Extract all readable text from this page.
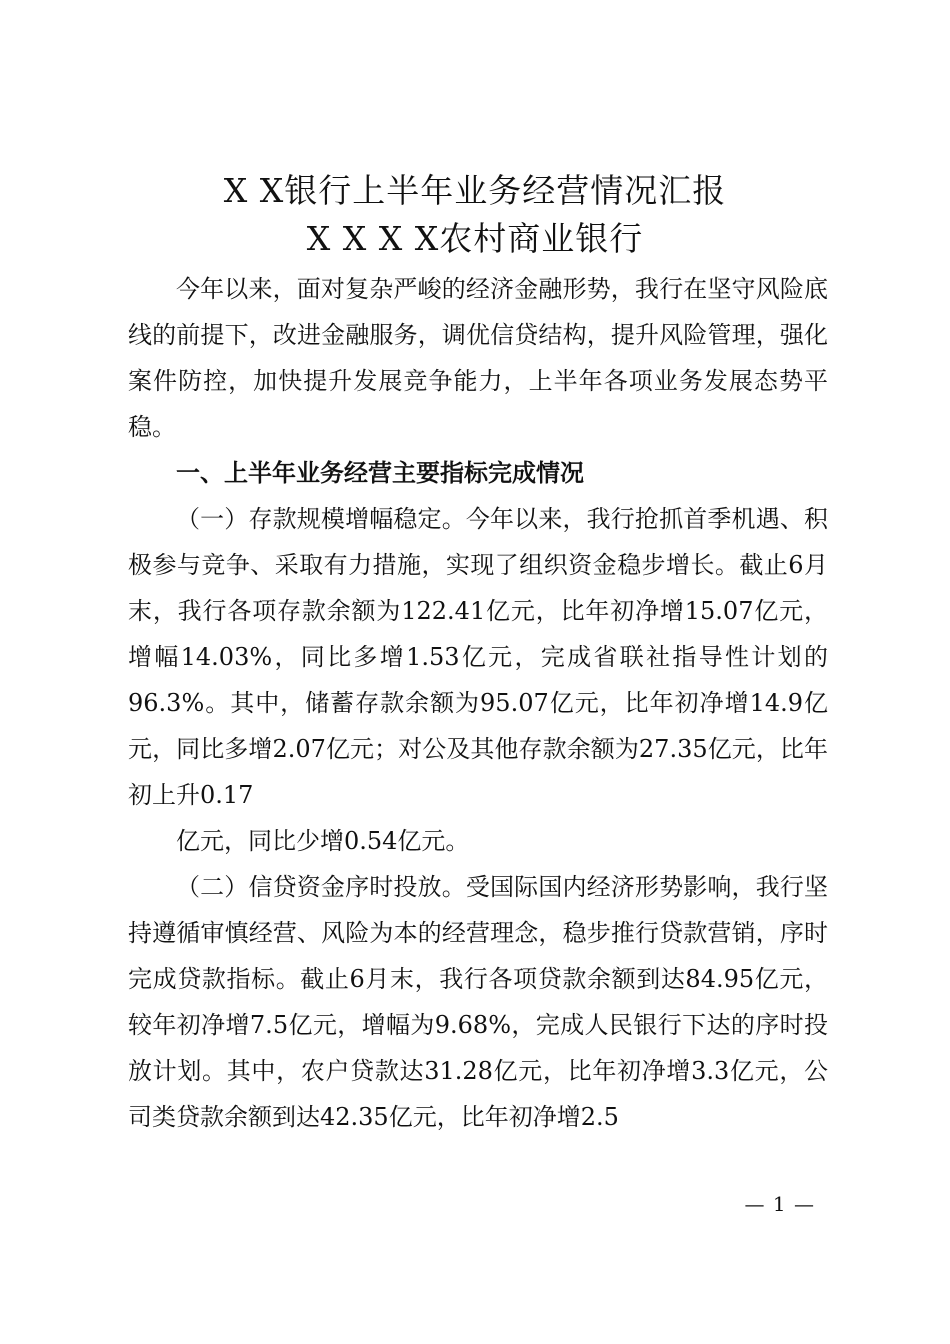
X X银行上半年业务经营情况汇报
X X X X农村商业银行

今年以来，面对复杂严峻的经济金融形势，我行在坚守风险底线的前提下，改进金融服务，调优信贷结构，提升风险管理，强化案件防控，加快提升发展竞争能力，上半年各项业务发展态势平稳。

一、上半年业务经营主要指标完成情况

（一）存款规模增幅稳定。今年以来，我行抢抓首季机遇、积极参与竞争、采取有力措施，实现了组织资金稳步增长。截止6月末，我行各项存款余额为122.41亿元，比年初净增15.07亿元，增幅14.03%，同比多增1.53亿元，完成省联社指导性计划的96.3%。其中，储蓄存款余额为95.07亿元，比年初净增14.9亿元，同比多增2.07亿元；对公及其他存款余额为27.35亿元，比年初上升0.17

亿元，同比少增0.54亿元。

（二）信贷资金序时投放。受国际国内经济形势影响，我行坚持遵循审慎经营、风险为本的经营理念，稳步推行贷款营销，序时完成贷款指标。截止6月末，我行各项贷款余额到达84.95亿元，较年初净增7.5亿元，增幅为9.68%，完成人民银行下达的序时投放计划。其中，农户贷款达31.28亿元，比年初净增3.3亿元，公司类贷款余额到达42.35亿元，比年初净增2.5

— 1 —
